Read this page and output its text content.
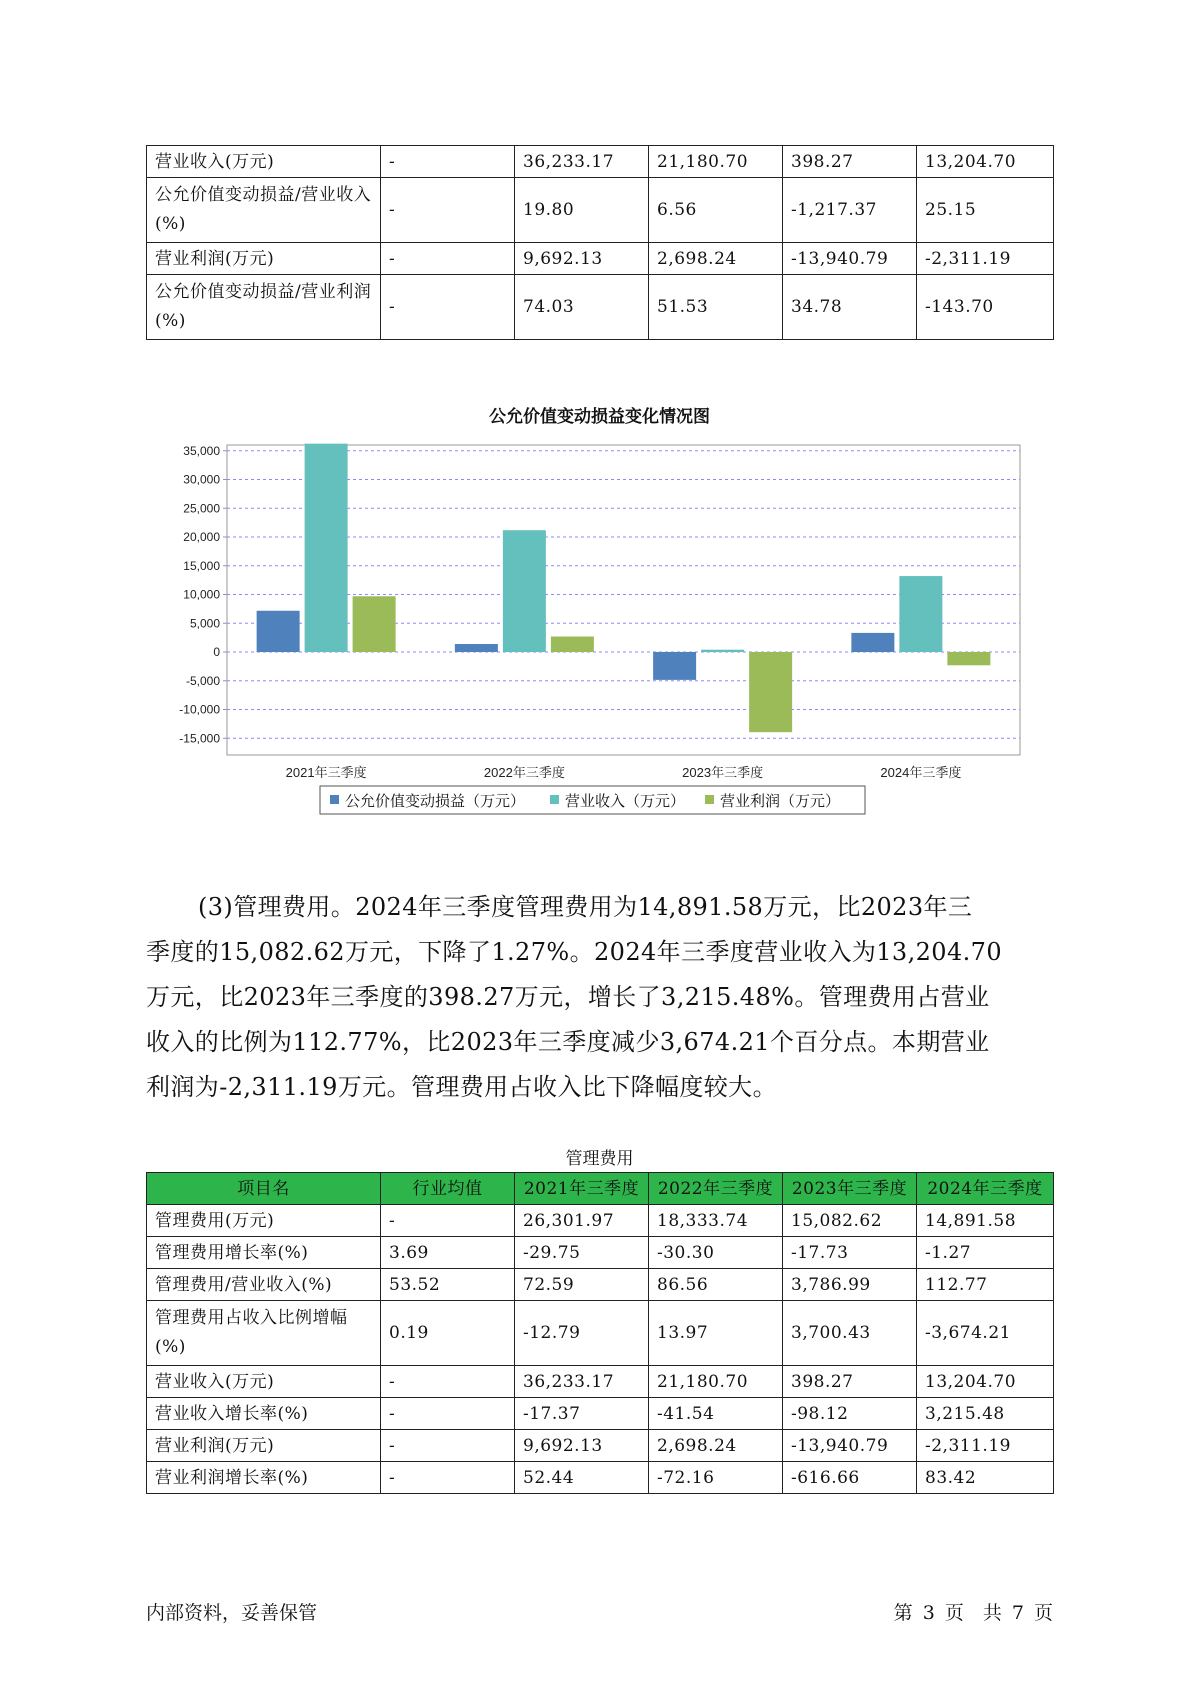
营业收入(万元)	-	36,233.17	21,180.70	398.27	13,204.70
公允价值变动损益/营业收入(%)	-	19.80	6.56	-1,217.37	25.15
营业利润(万元)	-	9,692.13	2,698.24	-13,940.79	-2,311.19
公允价值变动损益/营业利润(%)	-	74.03	51.53	34.78	-143.70
公允价值变动损益变化情况图
35,000
30,000
25,000
20,000
15,000
10,000
5,000
0
-5,000
-10,000
-15,000
2021年三季度	2022年三季度	2023年三季度	2024年三季度
公允价值变动损益（万元）	营业收入（万元） 营业利润（万元）
(3)管理费用。2024年三季度管理费用为14,891.58万元，比2023年三
季度的15,082.62万元，下降了1.27%。2024年三季度营业收入为13,204.70
万元，比2023年三季度的398.27万元，增长了3,215.48%。管理费用占营业
收入的比例为112.77%，比2023年三季度减少3,674.21个百分点。本期营业
利润为-2,311.19万元。管理费用占收入比下降幅度较大。
管理费用
项目名	行业均值	2021年三季度	2022年三季度	2023年三季度	2024年三季度
管理费用(万元)	-	26,301.97	18,333.74	15,082.62	14,891.58
管理费用增长率(%)	3.69	-29.75	-30.30	-17.73	-1.27
管理费用/营业收入(%)	53.52	72.59	86.56	3,786.99	112.77
管理费用占收入比例增幅(%)	0.19	-12.79	13.97	3,700.43	-3,674.21
营业收入(万元)	-	36,233.17	21,180.70	398.27	13,204.70
营业收入增长率(%)	-	-17.37	-41.54	-98.12	3,215.48
营业利润(万元)	-	9,692.13	2,698.24	-13,940.79	-2,311.19
营业利润增长率(%)	-	52.44	-72.16	-616.66	83.42
内部资料，妥善保管	第 3 页　共 7 页
